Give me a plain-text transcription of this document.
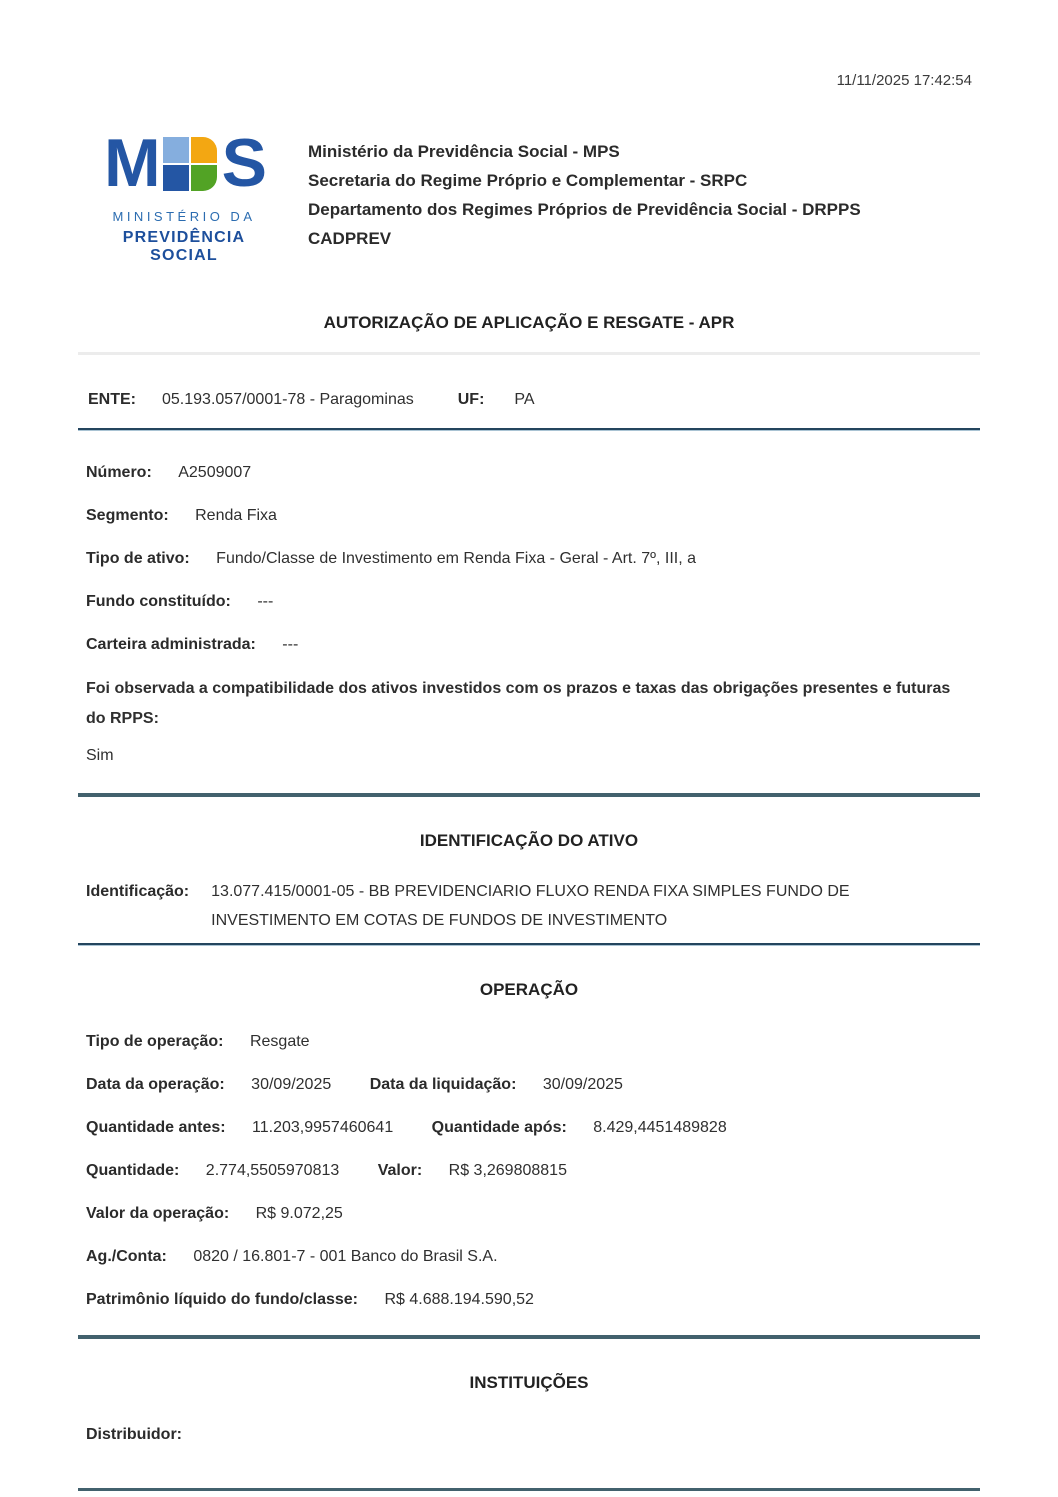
11/11/2025 17:42:54
M S
MINISTÉRIO DA
PREVIDÊNCIA SOCIAL
Ministério da Previdência Social - MPS
Secretaria do Regime Próprio e Complementar - SRPC
Departamento dos Regimes Próprios de Previdência Social - DRPPS
CADPREV
AUTORIZAÇÃO DE APLICAÇÃO E RESGATE - APR
ENTE: 05.193.057/0001-78 - Paragominas	UF: PA
Número: A2509007
Segmento: Renda Fixa
Tipo de ativo: Fundo/Classe de Investimento em Renda Fixa - Geral - Art. 7º, III, a
Fundo constituído: ---
Carteira administrada: ---
Foi observada a compatibilidade dos ativos investidos com os prazos e taxas das obrigações presentes e futuras do RPPS:
Sim
IDENTIFICAÇÃO DO ATIVO
Identificação: 13.077.415/0001-05 - BB PREVIDENCIARIO FLUXO RENDA FIXA SIMPLES FUNDO DE INVESTIMENTO EM COTAS DE FUNDOS DE INVESTIMENTO
OPERAÇÃO
Tipo de operação: Resgate
Data da operação: 30/09/2025 Data da liquidação: 30/09/2025
Quantidade antes: 11.203,9957460641 Quantidade após: 8.429,4451489828
Quantidade: 2.774,5505970813 Valor: R$ 3,269808815
Valor da operação: R$ 9.072,25
Ag./Conta: 0820 / 16.801-7 - 001 Banco do Brasil S.A.
Patrimônio líquido do fundo/classe: R$ 4.688.194.590,52
INSTITUIÇÕES
Distribuidor:
